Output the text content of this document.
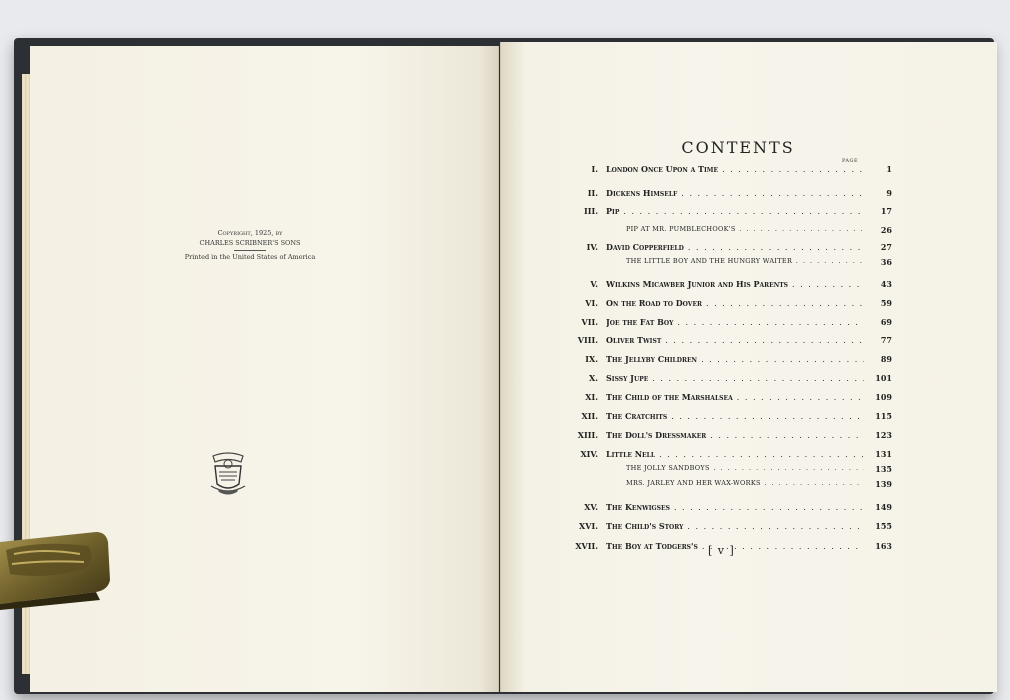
Copyright, 1925, by
CHARLES SCRIBNER'S SONS
Printed in the United States of America
CONTENTS
PAGE
I. London Once Upon a Time . . .	1
II. Dickens Himself . . .	9
III. Pip . . .	17
PIP AT MR. PUMBLECHOOK'S . . .	26
IV. David Copperfield . . .	27
THE LITTLE BOY AND THE HUNGRY WAITER . . .	36
V. Wilkins Micawber Junior and His Parents . . .	43
VI. On the Road to Dover . . .	59
VII. Joe the Fat Boy . . .	69
VIII. Oliver Twist . . .	77
IX. The Jellyby Children . . .	89
X. Sissy Jupe . . .	101
XI. The Child of the Marshalsea . . .	109
XII. The Cratchits . . .	115
XIII. The Doll's Dressmaker . . .	123
XIV. Little Nell . . .	131
THE JOLLY SANDBOYS . . .	135
MRS. JARLEY AND HER WAX-WORKS . . .	139
XV. The Kenwigses . . .	149
XVI. The Child's Story . . .	155
XVII. The Boy at Todgers's . . .	163
[ v ]
